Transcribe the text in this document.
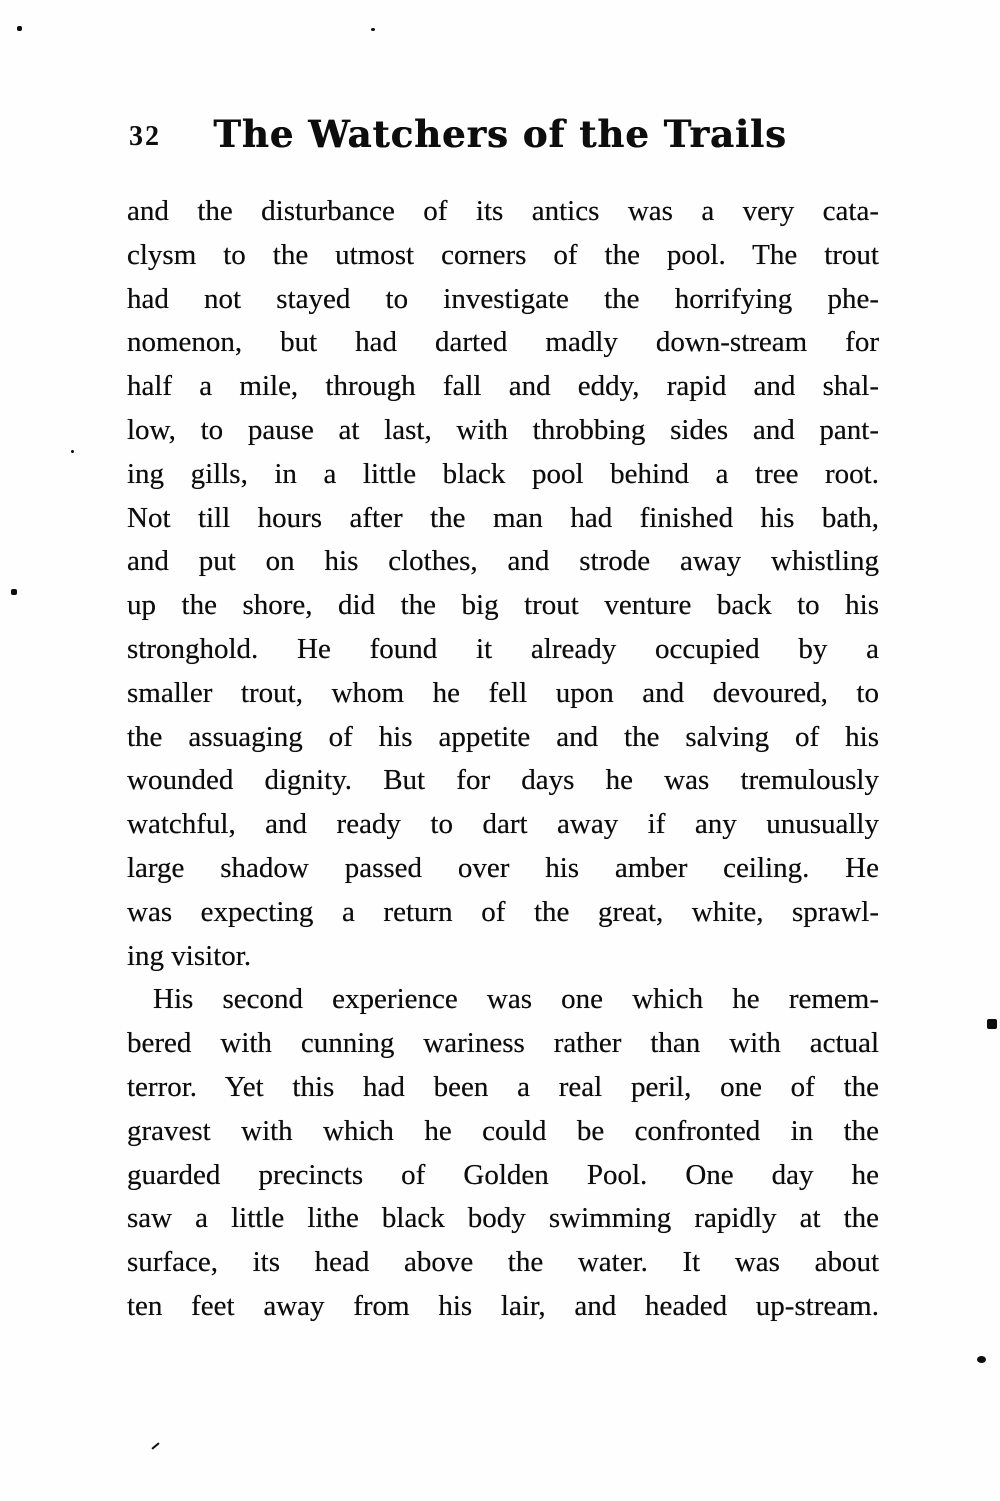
32 The Watchers of the Trails
and the disturbance of its antics was a very cata-
clysm to the utmost corners of the pool. The trout
had not stayed to investigate the horrifying phe-
nomenon, but had darted madly down-stream for
half a mile, through fall and eddy, rapid and shal-
low, to pause at last, with throbbing sides and pant-
ing gills, in a little black pool behind a tree root.
Not till hours after the man had finished his bath,
and put on his clothes, and strode away whistling
up the shore, did the big trout venture back to his
stronghold. He found it already occupied by a
smaller trout, whom he fell upon and devoured, to
the assuaging of his appetite and the salving of his
wounded dignity. But for days he was tremulously
watchful, and ready to dart away if any unusually
large shadow passed over his amber ceiling. He
was expecting a return of the great, white, sprawl-
ing visitor.
His second experience was one which he remem-
bered with cunning wariness rather than with actual
terror. Yet this had been a real peril, one of the
gravest with which he could be confronted in the
guarded precincts of Golden Pool. One day he
saw a little lithe black body swimming rapidly at the
surface, its head above the water. It was about
ten feet away from his lair, and headed up-stream.
